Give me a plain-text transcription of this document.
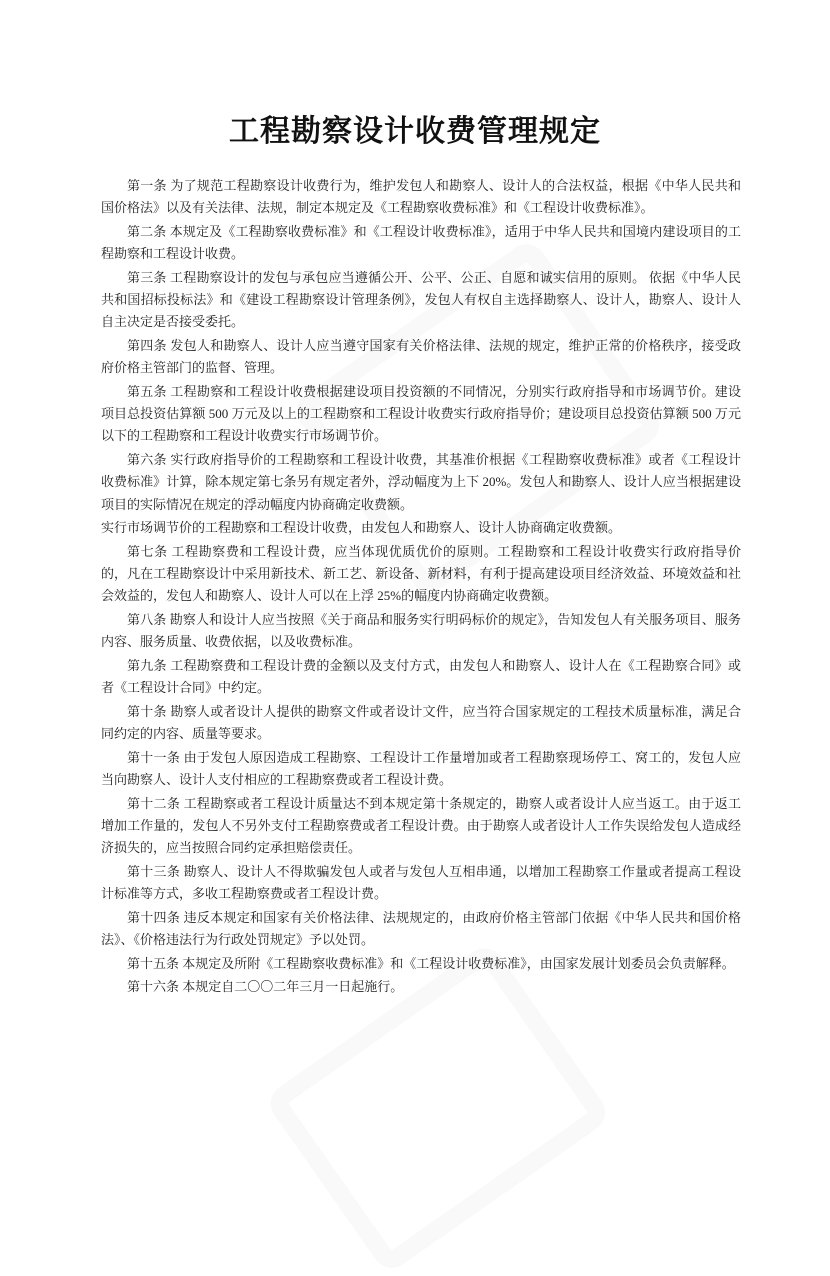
工程勘察设计收费管理规定

第一条 为了规范工程勘察设计收费行为，维护发包人和勘察人、设计人的合法权益，根据《中华人民共和国价格法》以及有关法律、法规，制定本规定及《工程勘察收费标准》和《工程设计收费标准》。

第二条 本规定及《工程勘察收费标准》和《工程设计收费标准》，适用于中华人民共和国境内建设项目的工程勘察和工程设计收费。

第三条 工程勘察设计的发包与承包应当遵循公开、公平、公正、自愿和诚实信用的原则。 依据《中华人民共和国招标投标法》和《建设工程勘察设计管理条例》，发包人有权自主选择勘察人、设计人，勘察人、设计人自主决定是否接受委托。

第四条 发包人和勘察人、设计人应当遵守国家有关价格法律、法规的规定，维护正常的价格秩序，接受政府价格主管部门的监督、管理。

第五条 工程勘察和工程设计收费根据建设项目投资额的不同情况，分别实行政府指导和市场调节价。建设项目总投资估算额 500 万元及以上的工程勘察和工程设计收费实行政府指导价；建设项目总投资估算额 500 万元以下的工程勘察和工程设计收费实行市场调节价。

第六条 实行政府指导价的工程勘察和工程设计收费，其基准价根据《工程勘察收费标准》或者《工程设计收费标准》计算，除本规定第七条另有规定者外，浮动幅度为上下 20%。发包人和勘察人、设计人应当根据建设项目的实际情况在规定的浮动幅度内协商确定收费额。

实行市场调节价的工程勘察和工程设计收费，由发包人和勘察人、设计人协商确定收费额。

第七条 工程勘察费和工程设计费，应当体现优质优价的原则。工程勘察和工程设计收费实行政府指导价的，凡在工程勘察设计中采用新技术、新工艺、新设备、新材料，有利于提高建设项目经济效益、环境效益和社会效益的，发包人和勘察人、设计人可以在上浮 25%的幅度内协商确定收费额。

第八条 勘察人和设计人应当按照《关于商品和服务实行明码标价的规定》，告知发包人有关服务项目、服务内容、服务质量、收费依据，以及收费标准。

第九条 工程勘察费和工程设计费的金额以及支付方式，由发包人和勘察人、设计人在《工程勘察合同》或者《工程设计合同》中约定。

第十条 勘察人或者设计人提供的勘察文件或者设计文件，应当符合国家规定的工程技术质量标准，满足合同约定的内容、质量等要求。

第十一条 由于发包人原因造成工程勘察、工程设计工作量增加或者工程勘察现场停工、窝工的，发包人应当向勘察人、设计人支付相应的工程勘察费或者工程设计费。

第十二条 工程勘察或者工程设计质量达不到本规定第十条规定的，勘察人或者设计人应当返工。由于返工增加工作量的，发包人不另外支付工程勘察费或者工程设计费。由于勘察人或者设计人工作失误给发包人造成经济损失的，应当按照合同约定承担赔偿责任。

第十三条 勘察人、设计人不得欺骗发包人或者与发包人互相串通，以增加工程勘察工作量或者提高工程设计标准等方式，多收工程勘察费或者工程设计费。

第十四条 违反本规定和国家有关价格法律、法规规定的，由政府价格主管部门依据《中华人民共和国价格法》、《价格违法行为行政处罚规定》予以处罚。

第十五条 本规定及所附《工程勘察收费标准》和《工程设计收费标准》，由国家发展计划委员会负责解释。

第十六条 本规定自二〇〇二年三月一日起施行。
